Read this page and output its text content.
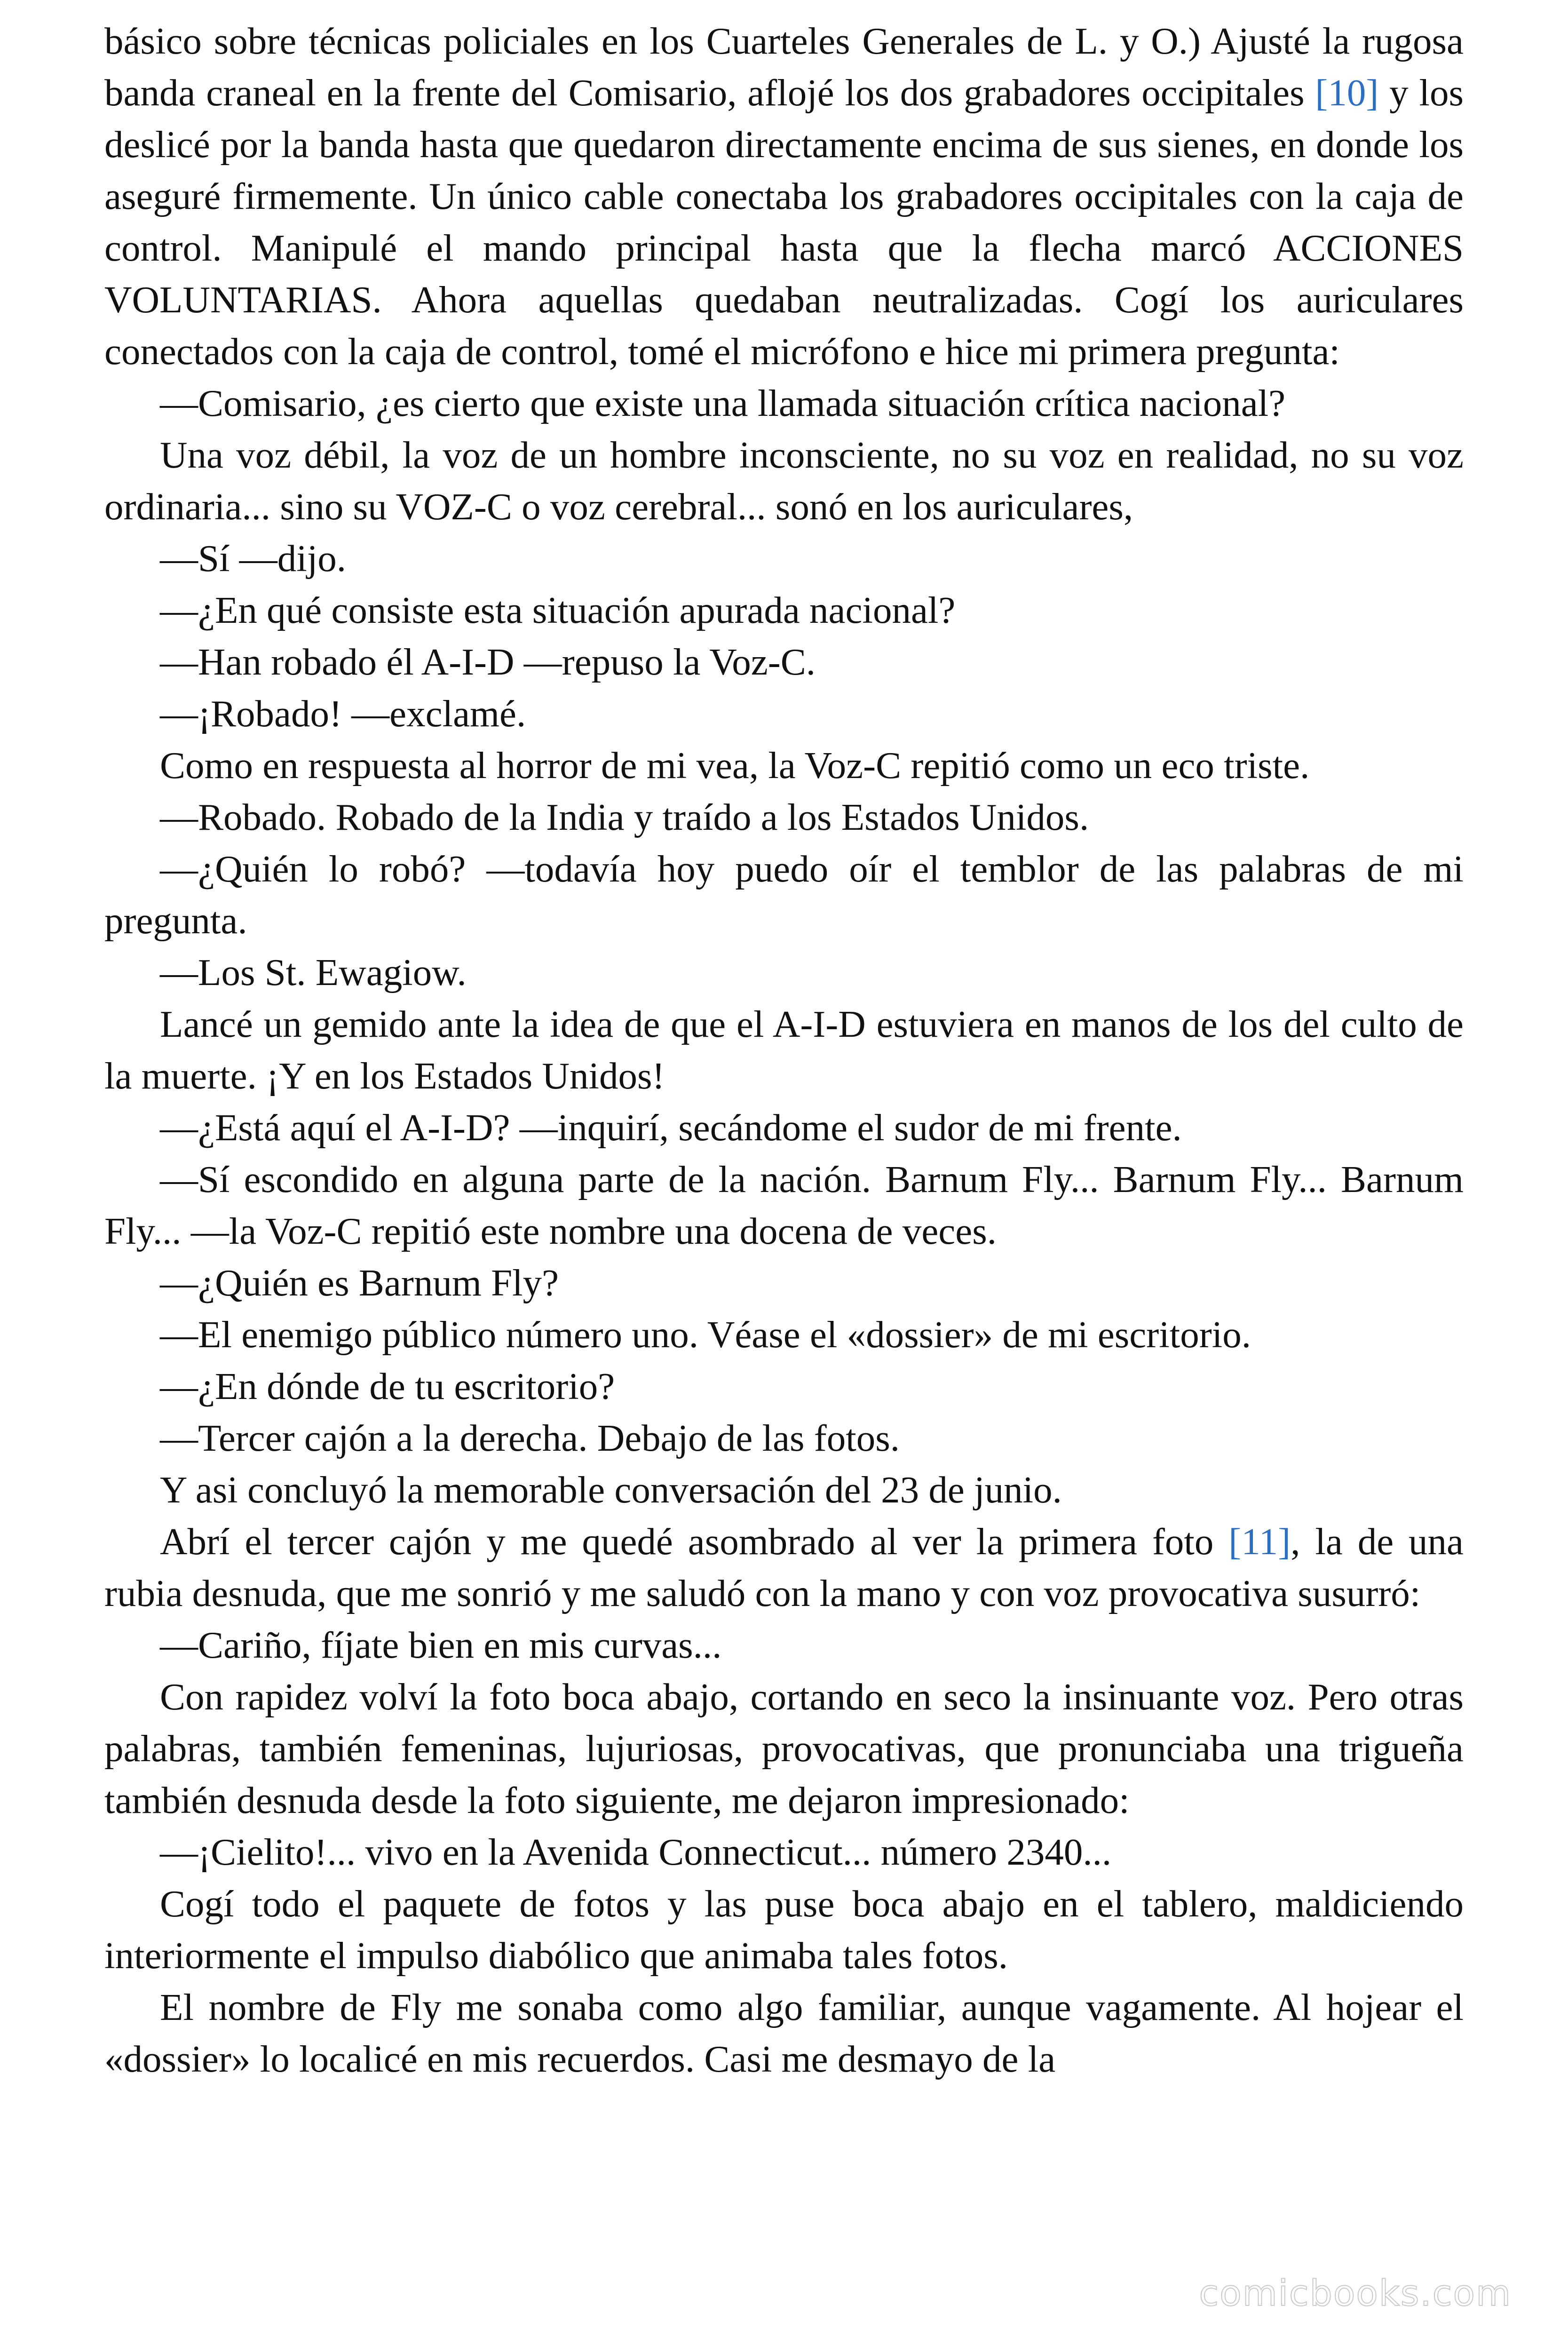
básico sobre técnicas policiales en los Cuarteles Generales de L. y O.) Ajusté la rugosa banda craneal en la frente del Comisario, aflojé los dos grabadores occipitales [10] y los deslicé por la banda hasta que quedaron directamente encima de sus sienes, en donde los aseguré firmemente. Un único cable conectaba los grabadores occipitales con la caja de control. Manipulé el mando principal hasta que la flecha marcó ACCIONES VOLUNTARIAS. Ahora aquellas quedaban neutralizadas. Cogí los auriculares conectados con la caja de control, tomé el micrófono e hice mi primera pregunta:

—Comisario, ¿es cierto que existe una llamada situación crítica nacional?

Una voz débil, la voz de un hombre inconsciente, no su voz en realidad, no su voz ordinaria... sino su VOZ-C o voz cerebral... sonó en los auriculares,

—Sí —dijo.

—¿En qué consiste esta situación apurada nacional?

—Han robado él A-I-D —repuso la Voz-C.

—¡Robado! —exclamé.

Como en respuesta al horror de mi vea, la Voz-C repitió como un eco triste.

—Robado. Robado de la India y traído a los Estados Unidos.

—¿Quién lo robó? —todavía hoy puedo oír el temblor de las palabras de mi pregunta.

—Los St. Ewagiow.

Lancé un gemido ante la idea de que el A-I-D estuviera en manos de los del culto de la muerte. ¡Y en los Estados Unidos!

—¿Está aquí el A-I-D? —inquirí, secándome el sudor de mi frente.

—Sí escondido en alguna parte de la nación. Barnum Fly... Barnum Fly... Barnum Fly... —la Voz-C repitió este nombre una docena de veces.

—¿Quién es Barnum Fly?

—El enemigo público número uno. Véase el «dossier» de mi escritorio.

—¿En dónde de tu escritorio?

—Tercer cajón a la derecha. Debajo de las fotos.

Y asi concluyó la memorable conversación del 23 de junio.

Abrí el tercer cajón y me quedé asombrado al ver la primera foto [11], la de una rubia desnuda, que me sonrió y me saludó con la mano y con voz provocativa susurró:

—Cariño, fíjate bien en mis curvas...

Con rapidez volví la foto boca abajo, cortando en seco la insinuante voz. Pero otras palabras, también femeninas, lujuriosas, provocativas, que pronunciaba una trigueña también desnuda desde la foto siguiente, me dejaron impresionado:

—¡Cielito!... vivo en la Avenida Connecticut... número 2340...

Cogí todo el paquete de fotos y las puse boca abajo en el tablero, maldiciendo interiormente el impulso diabólico que animaba tales fotos.

El nombre de Fly me sonaba como algo familiar, aunque vagamente. Al hojear el «dossier» lo localicé en mis recuerdos. Casi me desmayo de la

comicbooks.com
